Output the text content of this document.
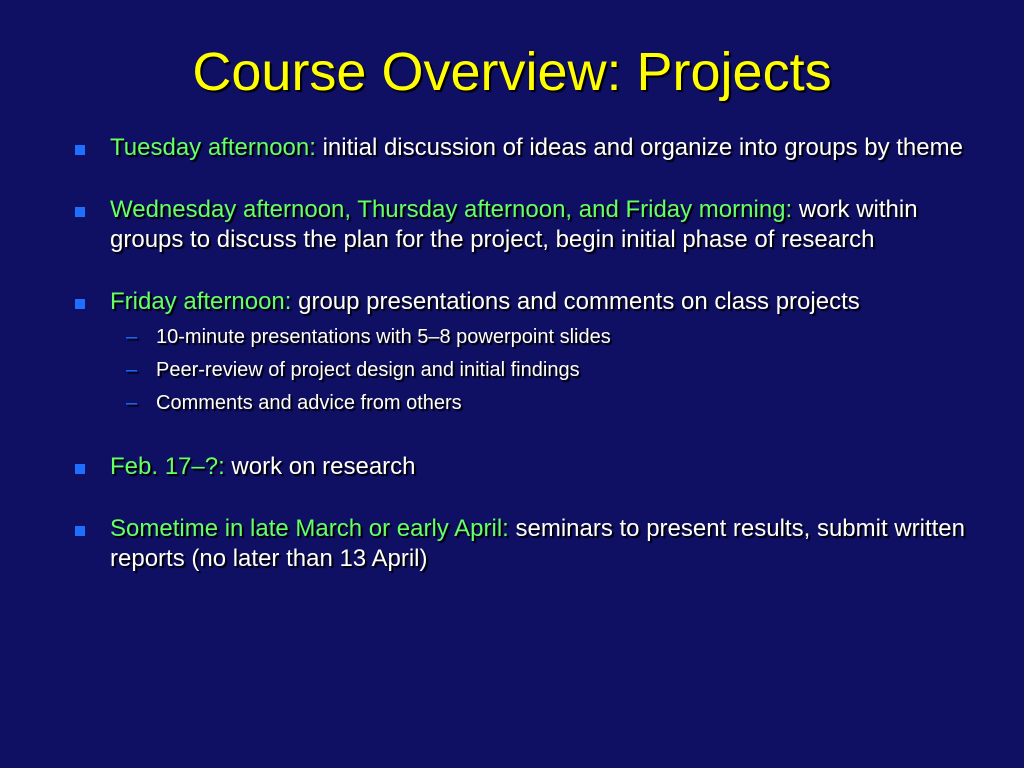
Course Overview: Projects
Tuesday afternoon: initial discussion of ideas and organize into groups by theme
Wednesday afternoon, Thursday afternoon, and Friday morning: work within groups to discuss the plan for the project, begin initial phase of research
Friday afternoon: group presentations and comments on class projects
– 10-minute presentations with 5–8 powerpoint slides
– Peer-review of project design and initial findings
– Comments and advice from others
Feb. 17–?: work on research
Sometime in late March or early April: seminars to present results, submit written reports (no later than 13 April)
